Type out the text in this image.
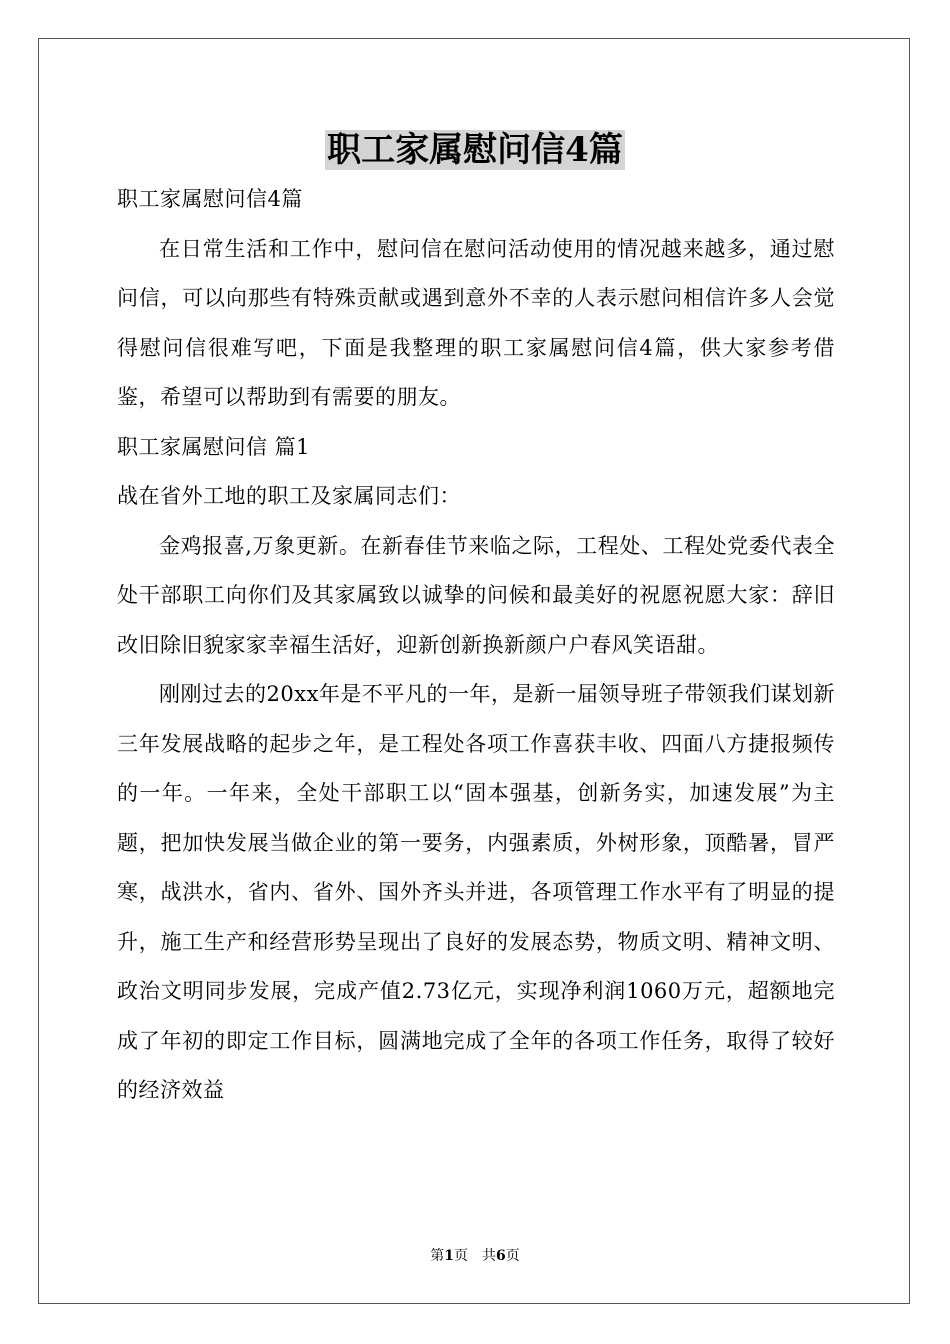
职工家属慰问信4篇

职工家属慰问信4篇

在日常生活和工作中，慰问信在慰问活动使用的情况越来越多，通过慰问信，可以向那些有特殊贡献或遇到意外不幸的人表示慰问相信许多人会觉得慰问信很难写吧，下面是我整理的职工家属慰问信4篇，供大家参考借鉴，希望可以帮助到有需要的朋友。

职工家属慰问信 篇1

战在省外工地的职工及家属同志们：

金鸡报喜,万象更新。在新春佳节来临之际，工程处、工程处党委代表全处干部职工向你们及其家属致以诚挚的问候和最美好的祝愿祝愿大家：辞旧改旧除旧貌家家幸福生活好，迎新创新换新颜户户春风笑语甜。

刚刚过去的20xx年是不平凡的一年，是新一届领导班子带领我们谋划新三年发展战略的起步之年，是工程处各项工作喜获丰收、四面八方捷报频传的一年。一年来，全处干部职工以“固本强基，创新务实，加速发展”为主题，把加快发展当做企业的第一要务，内强素质，外树形象，顶酷暑，冒严寒，战洪水，省内、省外、国外齐头并进，各项管理工作水平有了明显的提升，施工生产和经营形势呈现出了良好的发展态势，物质文明、精神文明、政治文明同步发展，完成产值2.73亿元，实现净利润1060万元，超额地完成了年初的即定工作目标，圆满地完成了全年的各项工作任务，取得了较好的经济效益

第1页　共6页
